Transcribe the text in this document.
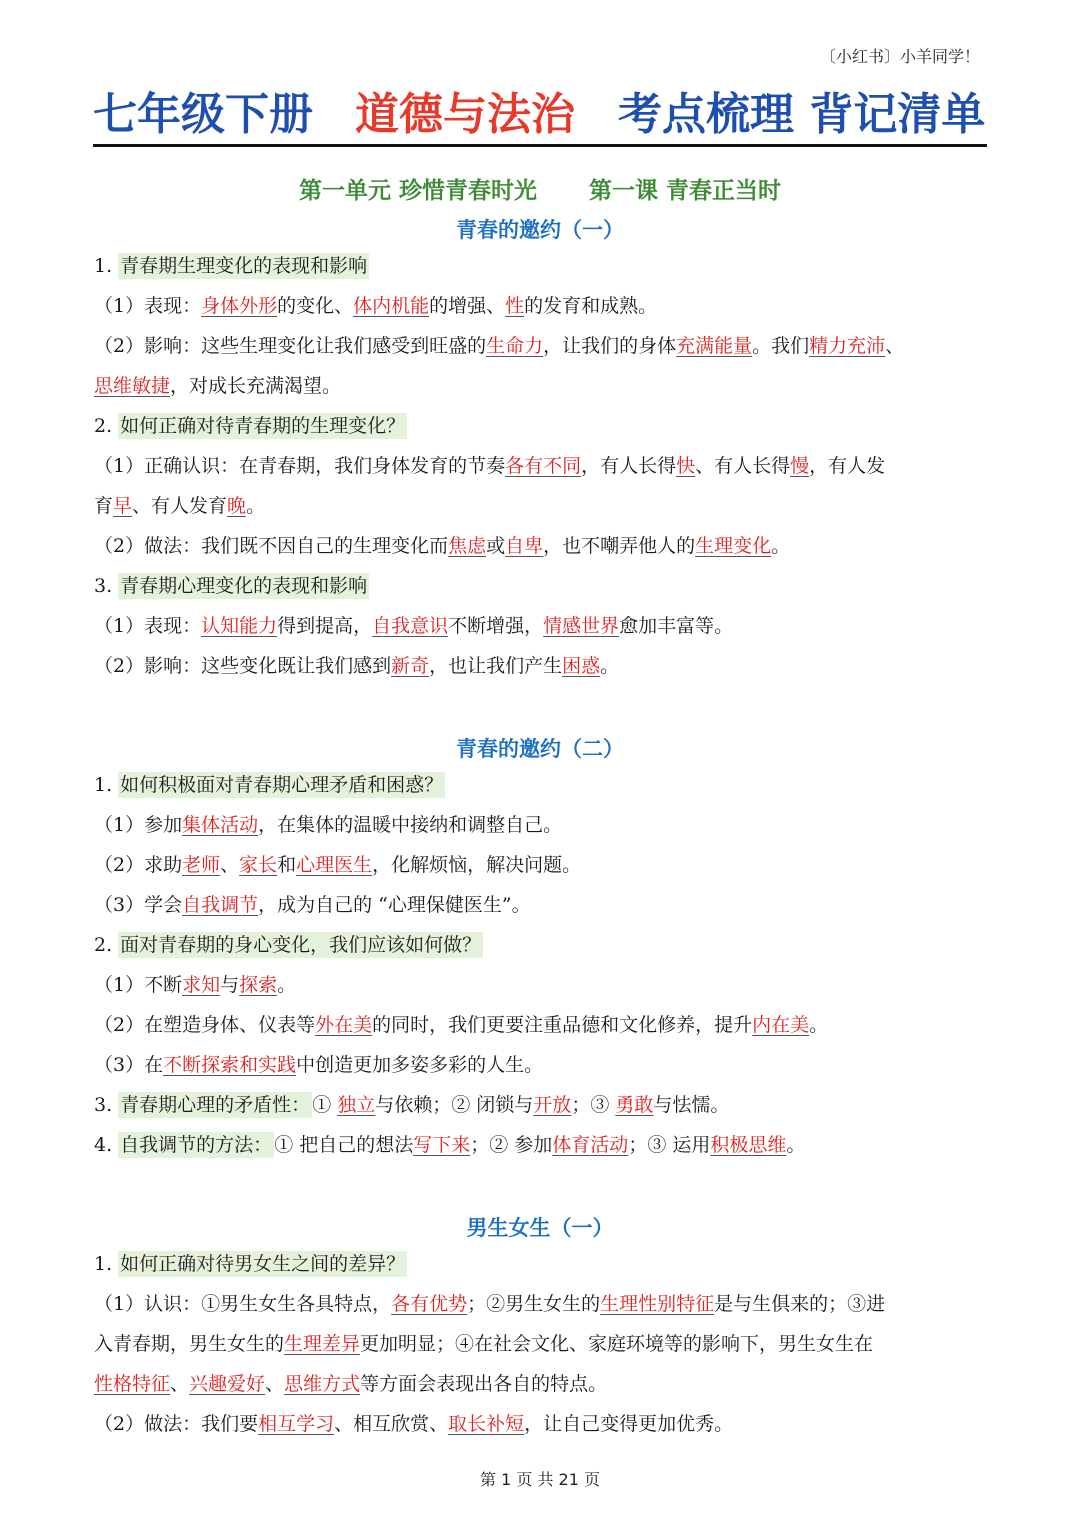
〔小红书〕小羊同学！
七年级下册 道德与法治 考点梳理 背记清单
第一单元 珍惜青春时光 第一课 青春正当时
青春的邀约（一）
1. 青春期生理变化的表现和影响
（1）表现：身体外形的变化、体内机能的增强、性的发育和成熟。
（2）影响：这些生理变化让我们感受到旺盛的生命力，让我们的身体充满能量。我们精力充沛、
思维敏捷，对成长充满渴望。
2. 如何正确对待青春期的生理变化？
（1）正确认识：在青春期，我们身体发育的节奏各有不同，有人长得快、有人长得慢，有人发
育早、有人发育晚。
（2）做法：我们既不因自己的生理变化而焦虑或自卑，也不嘲弄他人的生理变化。
3. 青春期心理变化的表现和影响
（1）表现：认知能力得到提高，自我意识不断增强，情感世界愈加丰富等。
（2）影响：这些变化既让我们感到新奇，也让我们产生困惑。
青春的邀约（二）
1. 如何积极面对青春期心理矛盾和困惑？
（1）参加集体活动，在集体的温暖中接纳和调整自己。
（2）求助老师、家长和心理医生，化解烦恼，解决问题。
（3）学会自我调节，成为自己的 “心理保健医生”。
2. 面对青春期的身心变化，我们应该如何做？
（1）不断求知与探索。
（2）在塑造身体、仪表等外在美的同时，我们更要注重品德和文化修养，提升内在美。
（3）在不断探索和实践中创造更加多姿多彩的人生。
3. 青春期心理的矛盾性： ① 独立与依赖；② 闭锁与开放；③ 勇敢与怯懦。
4. 自我调节的方法： ① 把自己的想法写下来；② 参加体育活动；③ 运用积极思维。
男生女生（一）
1. 如何正确对待男女生之间的差异？
（1）认识：①男生女生各具特点，各有优势；②男生女生的生理性别特征是与生俱来的；③进
入青春期，男生女生的生理差异更加明显；④在社会文化、家庭环境等的影响下，男生女生在
性格特征、兴趣爱好、思维方式等方面会表现出各自的特点。
（2）做法：我们要相互学习、相互欣赏、取长补短，让自己变得更加优秀。
第 1 页 共 21 页
